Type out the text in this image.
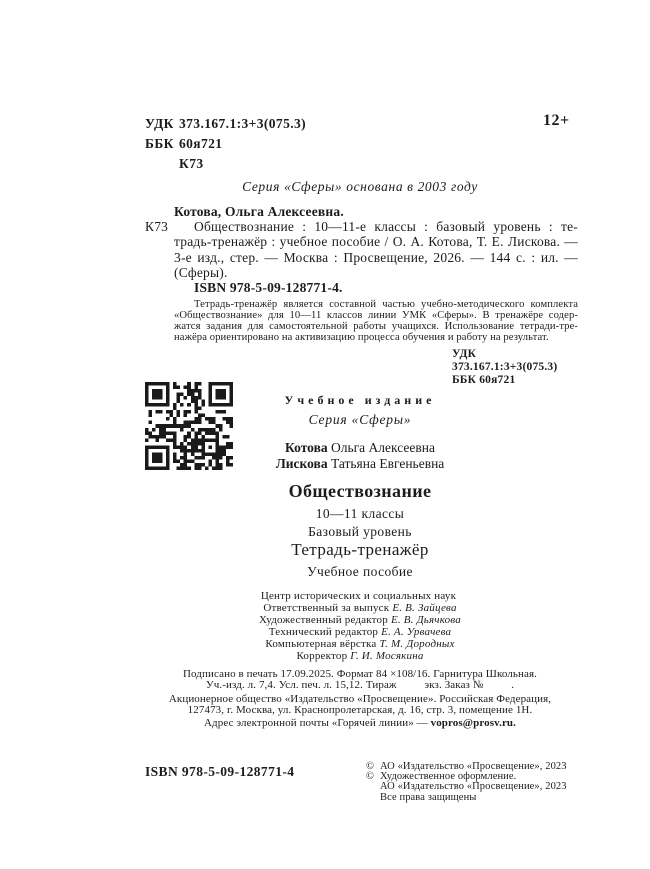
УДК 373.167.1:3+3(075.3)
ББК 60я721
К73
12+
Серия «Сферы» основана в 2003 году
Котова, Ольга Алексеевна.
К73	Обществознание : 10—11-е классы : базовый уровень : те-
традь-тренажёр : учебное пособие / О. А. Котова, Т. Е. Лискова. —
3-е изд., стер. — Москва : Просвещение, 2026. — 144 с. : ил. —
(Сферы).
ISBN 978-5-09-128771-4.
Тетрадь-тренажёр является составной частью учебно-методического комплекта
«Обществознание» для 10—11 классов линии УМК «Сферы». В тренажёре содер-
жатся задания для самостоятельной работы учащихся. Использование тетради-тре-
нажёра ориентировано на активизацию процесса обучения и работу на результат.
УДК 373.167.1:3+3(075.3)
ББК 60я721
Учебное издание
Серия «Сферы»
Котова Ольга Алексеевна
Лискова Татьяна Евгеньевна
Обществознание
10—11 классы
Базовый уровень
Тетрадь-тренажёр
Учебное пособие
Центр исторических и социальных наук
Ответственный за выпуск Е. В. Зайцева
Художественный редактор Е. В. Дьячкова
Технический редактор Е. А. Урвачева
Компьютерная вёрстка Т. М. Дородных
Корректор Г. И. Мосякина
Подписано в печать 17.09.2025. Формат 84 ×108/16. Гарнитура Школьная.
Уч.-изд. л. 7,4. Усл. печ. л. 15,12. Тираж   экз. Заказ №   .
Акционерное общество «Издательство «Просвещение». Российская Федерация,
127473, г. Москва, ул. Краснопролетарская, д. 16, стр. 3, помещение 1Н.
Адрес электронной почты «Горячей линии» — vopros@prosv.ru.
ISBN 978-5-09-128771-4	© АО «Издательство «Просвещение», 2023
© Художественное оформление.
АО «Издательство «Просвещение», 2023
Все права защищены
